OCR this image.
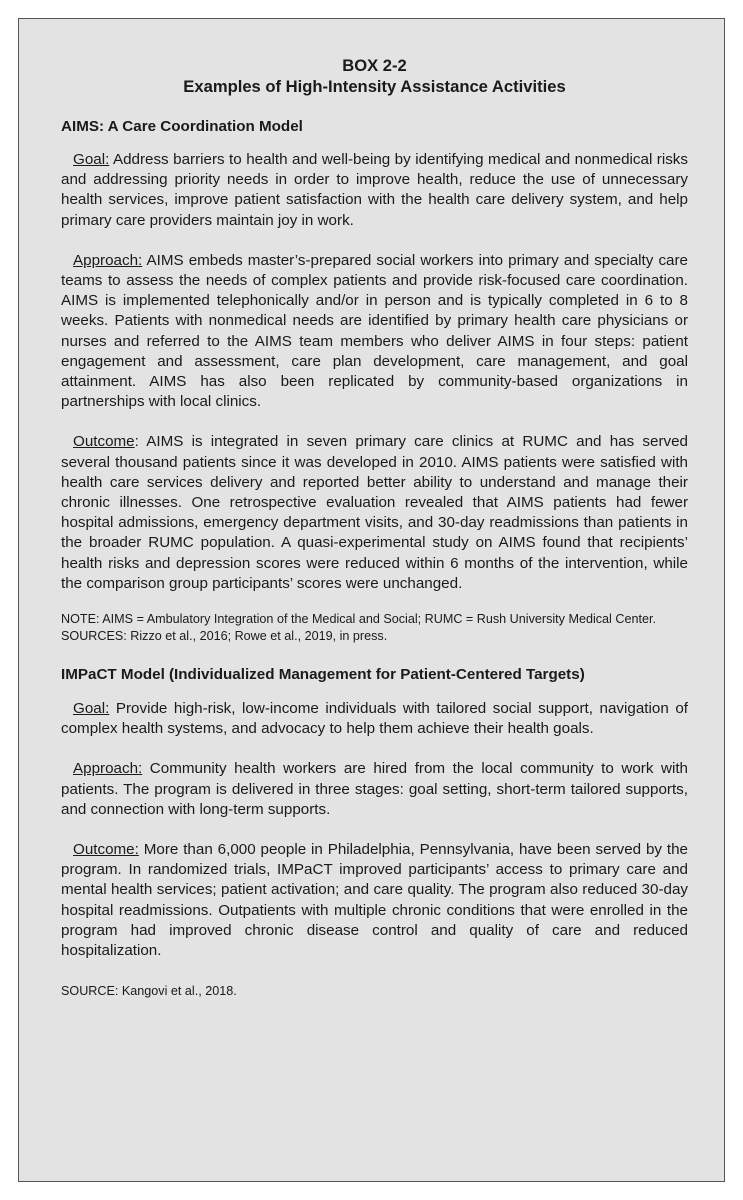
BOX 2-2

Examples of High-Intensity Assistance Activities

AIMS: A Care Coordination Model

Goal: Address barriers to health and well-being by identifying medical and nonmedical risks and addressing priority needs in order to improve health, reduce the use of unnecessary health services, improve patient satisfaction with the health care delivery system, and help primary care providers maintain joy in work.

Approach: AIMS embeds master’s-prepared social workers into primary and specialty care teams to assess the needs of complex patients and provide risk-focused care coordination. AIMS is implemented telephonically and/or in person and is typically completed in 6 to 8 weeks. Patients with nonmedical needs are identified by primary health care physicians or nurses and referred to the AIMS team members who deliver AIMS in four steps: patient engagement and assessment, care plan development, care management, and goal attainment. AIMS has also been replicated by community-based organizations in partnerships with local clinics.

Outcome: AIMS is integrated in seven primary care clinics at RUMC and has served several thousand patients since it was developed in 2010. AIMS patients were satisfied with health care services delivery and reported better ability to understand and manage their chronic illnesses. One retrospective evaluation revealed that AIMS patients had fewer hospital admissions, emergency department visits, and 30-day readmissions than patients in the broader RUMC population. A quasi-experimental study on AIMS found that recipients’ health risks and depression scores were reduced within 6 months of the intervention, while the comparison group participants’ scores were unchanged.

NOTE: AIMS = Ambulatory Integration of the Medical and Social; RUMC = Rush University Medical Center.

SOURCES: Rizzo et al., 2016; Rowe et al., 2019, in press.

IMPaCT Model (Individualized Management for Patient-Centered Targets)

Goal: Provide high-risk, low-income individuals with tailored social support, navigation of complex health systems, and advocacy to help them achieve their health goals.

Approach: Community health workers are hired from the local community to work with patients. The program is delivered in three stages: goal setting, short-term tailored supports, and connection with long-term supports.

Outcome: More than 6,000 people in Philadelphia, Pennsylvania, have been served by the program. In randomized trials, IMPaCT improved participants’ access to primary care and mental health services; patient activation; and care quality. The program also reduced 30-day hospital readmissions. Outpatients with multiple chronic conditions that were enrolled in the program had improved chronic disease control and quality of care and reduced hospitalization.

SOURCE: Kangovi et al., 2018.
